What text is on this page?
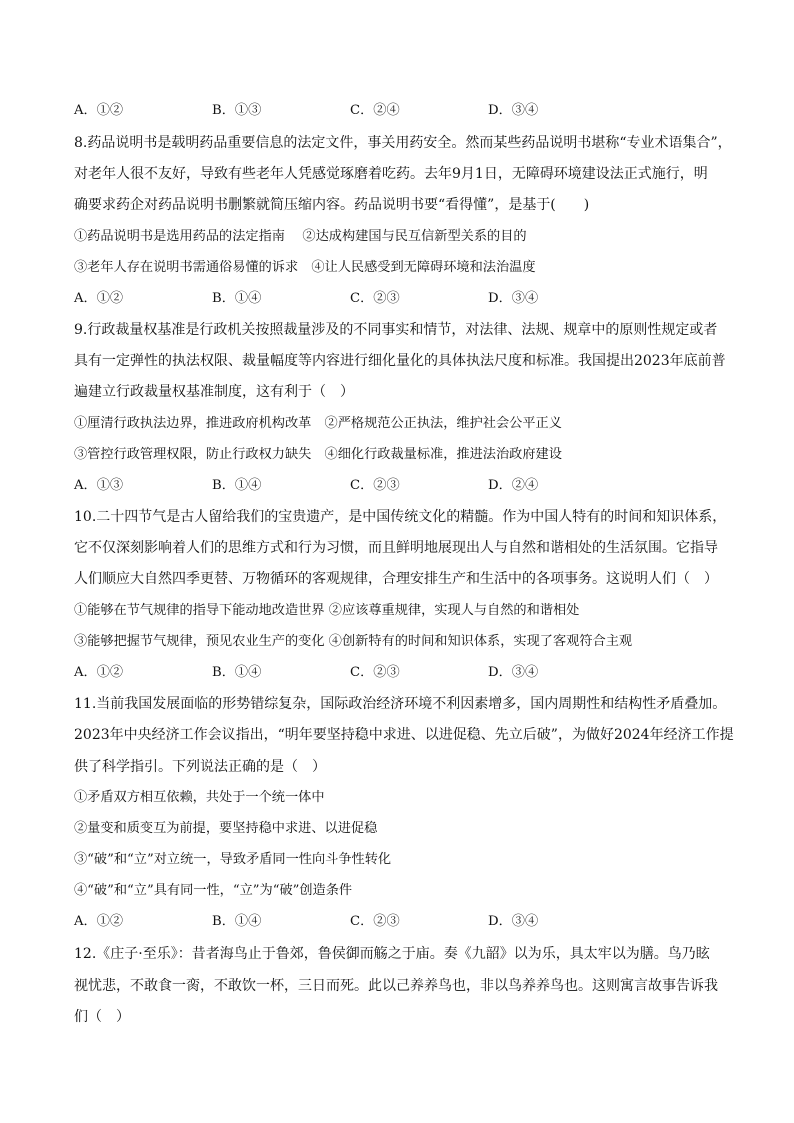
A．①②	B．①③	C．②④	D．③④
8.药品说明书是载明药品重要信息的法定文件，事关用药安全。然而某些药品说明书堪称“专业术语集合”，
对老年人很不友好，导致有些老年人凭感觉琢磨着吃药。去年9月1日，无障碍环境建设法正式施行，明
确要求药企对药品说明书删繁就简压缩内容。药品说明书要“看得懂”，是基于(　　)
①药品说明书是选用药品的法定指南　 ②达成构建国与民互信新型关系的目的
③老年人存在说明书需通俗易懂的诉求　④让人民感受到无障碍环境和法治温度
A．①②	B．①④	C．②③	D．③④
9.行政裁量权基准是行政机关按照裁量涉及的不同事实和情节，对法律、法规、规章中的原则性规定或者
具有一定弹性的执法权限、裁量幅度等内容进行细化量化的具体执法尺度和标准。我国提出2023年底前普
遍建立行政裁量权基准制度，这有利于（　）
①厘清行政执法边界，推进政府机构改革　②严格规范公正执法，维护社会公平正义
③管控行政管理权限，防止行政权力缺失　④细化行政裁量标准，推进法治政府建设
A．①③	B．①④	C．②③	D．②④
10.二十四节气是古人留给我们的宝贵遗产，是中国传统文化的精髓。作为中国人特有的时间和知识体系，
它不仅深刻影响着人们的思维方式和行为习惯，而且鲜明地展现出人与自然和谐相处的生活氛围。它指导
人们顺应大自然四季更替、万物循环的客观规律，合理安排生产和生活中的各项事务。这说明人们（　）
①能够在节气规律的指导下能动地改造世界 ②应该尊重规律，实现人与自然的和谐相处
③能够把握节气规律，预见农业生产的变化 ④创新特有的时间和知识体系，实现了客观符合主观
A．①②	B．①④	C．②③	D．③④
11.当前我国发展面临的形势错综复杂，国际政治经济环境不利因素增多，国内周期性和结构性矛盾叠加。
2023年中央经济工作会议指出，“明年要坚持稳中求进、以进促稳、先立后破”，为做好2024年经济工作提
供了科学指引。下列说法正确的是（　）
①矛盾双方相互依赖，共处于一个统一体中
②量变和质变互为前提，要坚持稳中求进、以进促稳
③“破”和“立”对立统一，导致矛盾同一性向斗争性转化
④“破”和“立”具有同一性，“立”为“破”创造条件
A．①②	B．①④	C．②③	D．③④
12.《庄子·至乐》：昔者海鸟止于鲁郊，鲁侯御而觞之于庙。奏《九韶》以为乐，具太牢以为膳。鸟乃眩
视忧悲，不敢食一脔，不敢饮一杯，三日而死。此以己养养鸟也，非以鸟养养鸟也。这则寓言故事告诉我
们（　）
